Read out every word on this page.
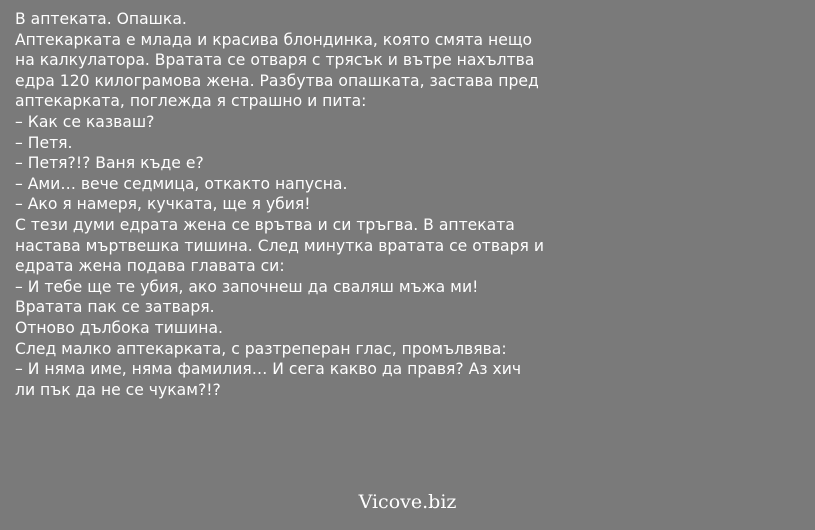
В аптеката. Опашка.
Аптекарката е млада и красива блондинка, която смята нещо
на калкулатора. Вратата се отваря с трясък и вътре нахълтва
едра 120 килограмова жена. Разбутва опашката, застава пред
аптекарката, поглежда я страшно и пита:
– Как се казваш?
– Петя.
– Петя?!? Ваня къде е?
– Ами… вече седмица, откакто напусна.
– Ако я намеря, кучката, ще я убия!
С тези думи едрата жена се врътва и си тръгва. В аптеката
настава мъртвешка тишина. След минутка вратата се отваря и
едрата жена подава главата си:
– И тебе ще те убия, ако започнеш да сваляш мъжа ми!
Вратата пак се затваря.
Отново дълбока тишина.
След малко аптекарката, с разтреперан глас, промълвява:
– И няма име, няма фамилия… И сега какво да правя? Аз хич
ли пък да не се чукам?!?
Vicove.biz
